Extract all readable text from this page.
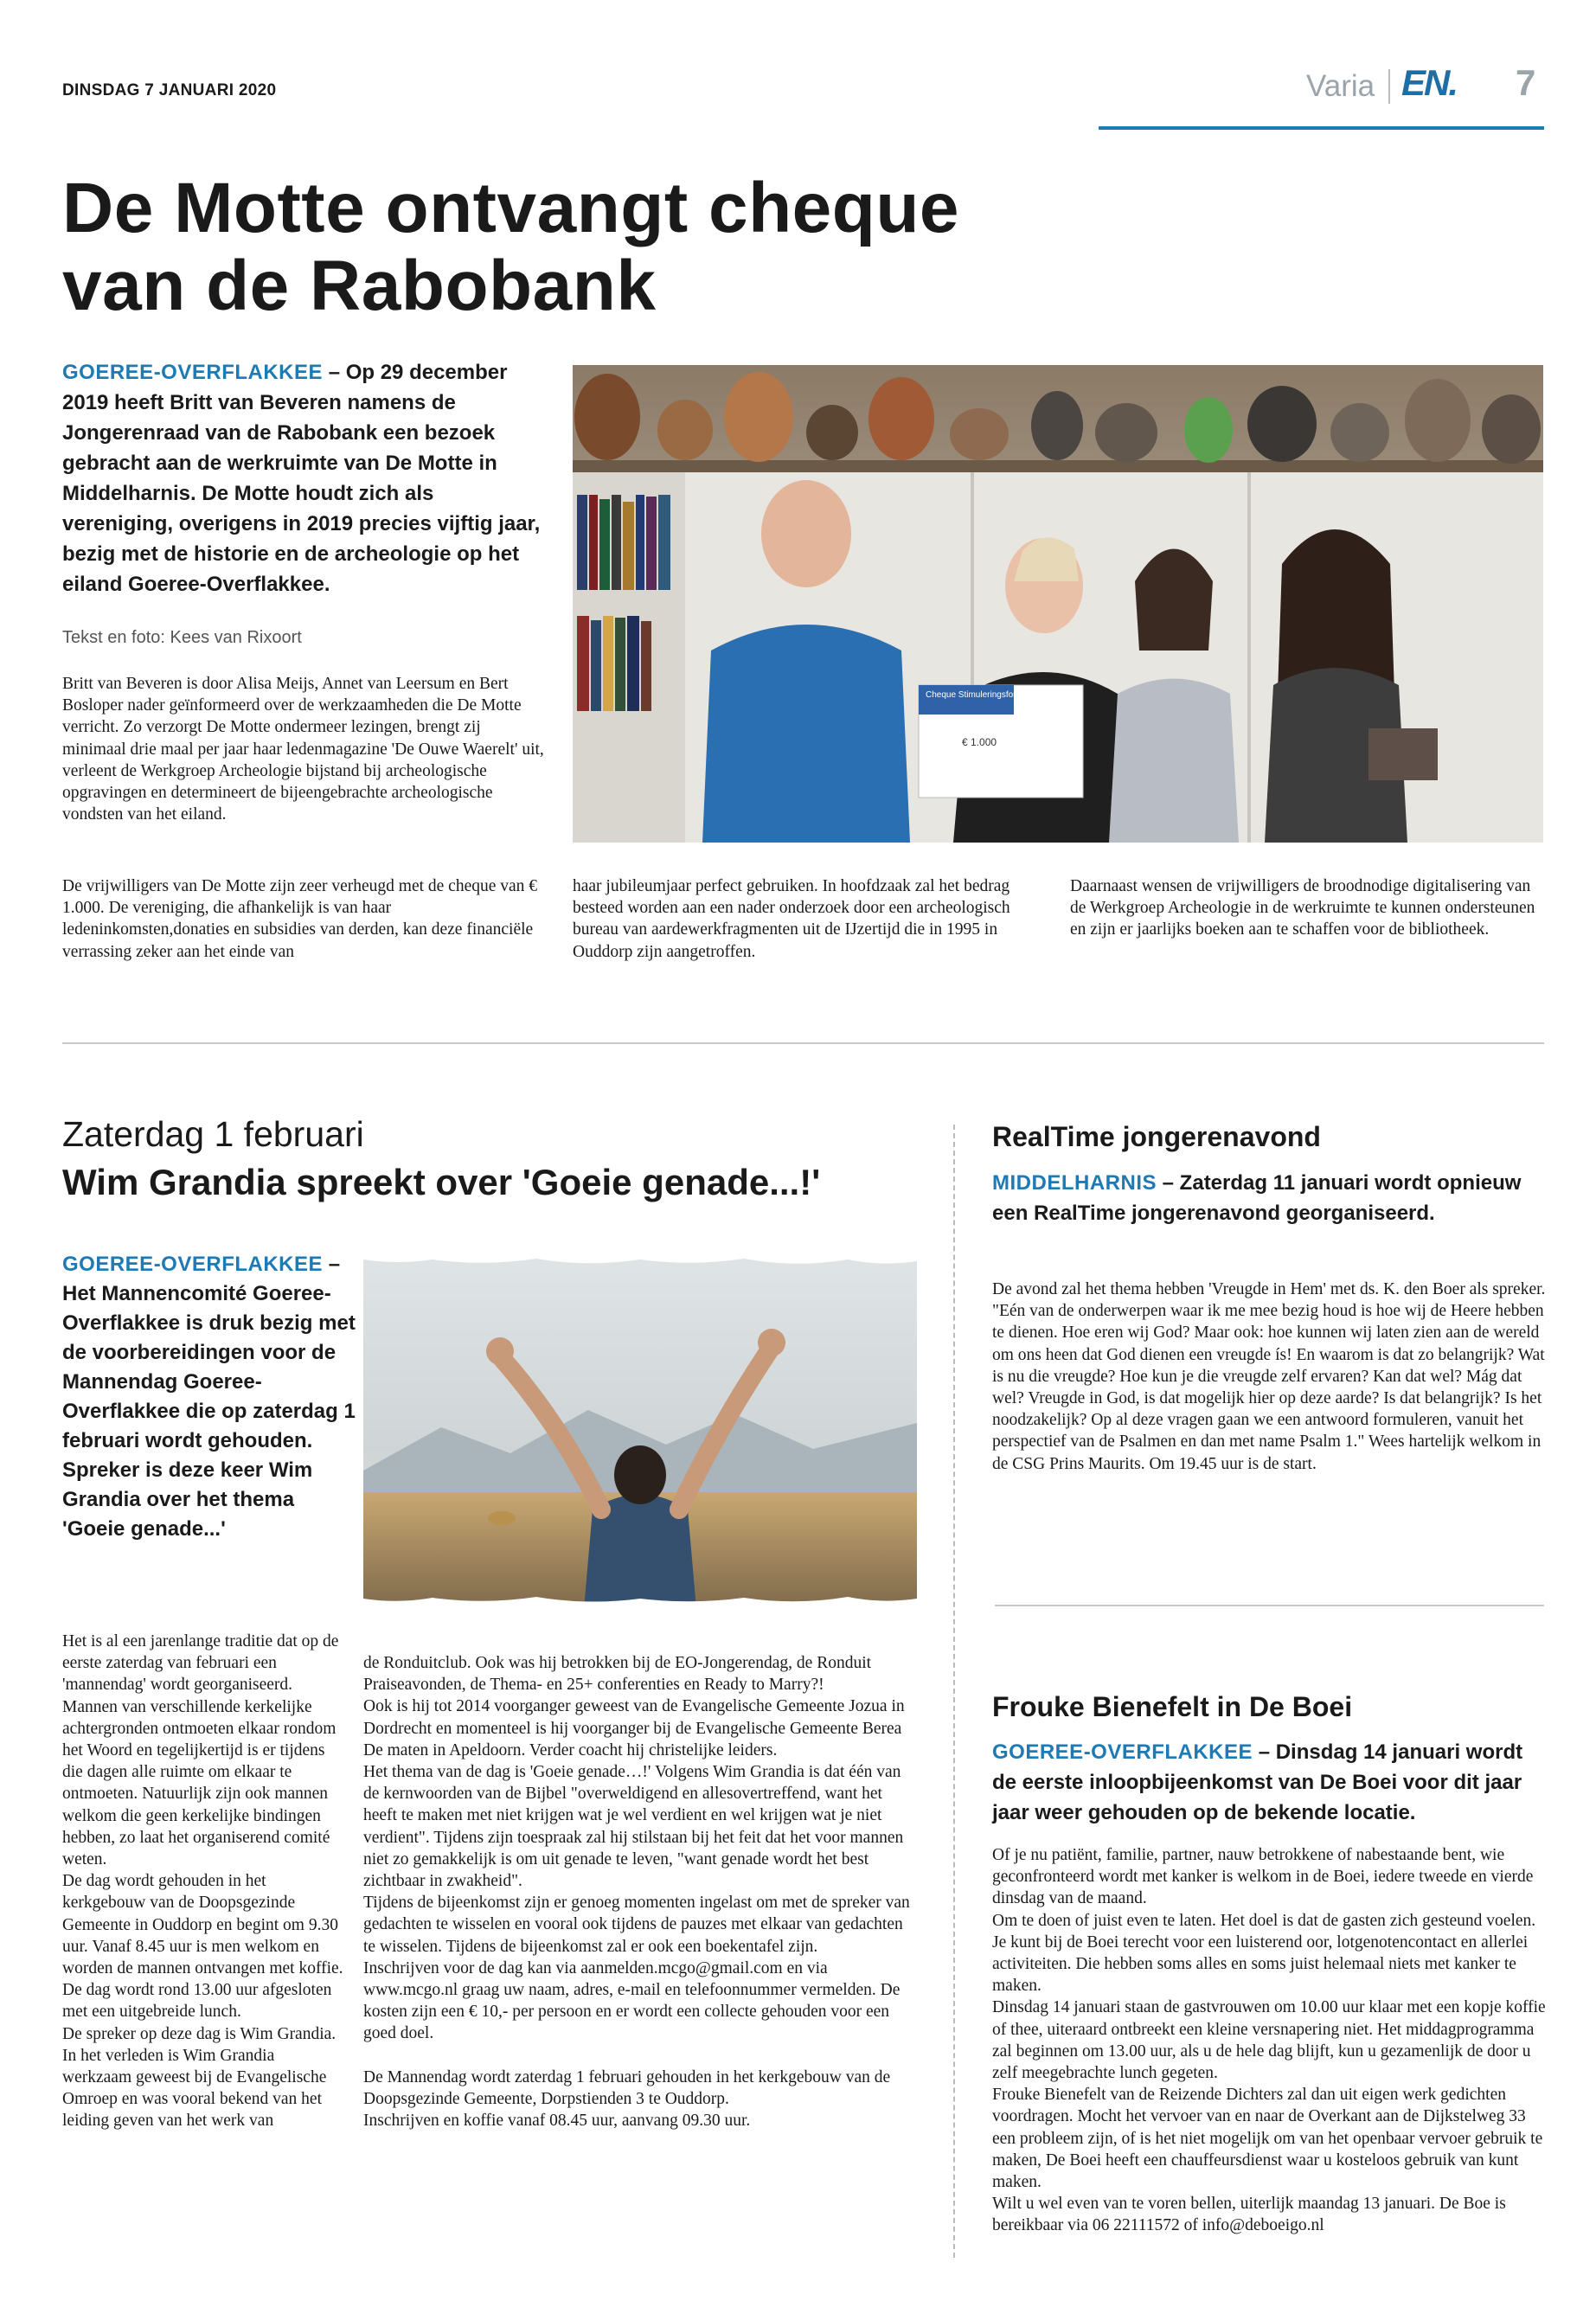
DINSDAG 7 JANUARI 2020	Varia EN. 7
De Motte ontvangt cheque
van de Rabobank
GOEREE-OVERFLAKKEE – Op 29 december 2019 heeft Britt van Beveren namens de Jongerenraad van de Rabobank een bezoek gebracht aan de werkruimte van De Motte in Middelharnis. De Motte houdt zich als vereniging, overigens in 2019 precies vijftig jaar, bezig met de historie en de archeologie op het eiland Goeree-Overflakkee.
Tekst en foto: Kees van Rixoort
Britt van Beveren is door Alisa Meijs, Annet van Leersum en Bert Bosloper nader geïnformeerd over de werkzaamheden die De Motte verricht. Zo verzorgt De Motte ondermeer lezingen, brengt zij minimaal drie maal per jaar haar ledenmagazine 'De Ouwe Waerelt' uit, verleent de Werkgroep Archeologie bijstand bij archeologische opgravingen en determineert de bijeengebrachte archeologische vondsten van het eiland.
De vrijwilligers van De Motte zijn zeer verheugd met de cheque van € 1.000. De vereniging, die afhankelijk is van haar ledeninkomsten,donaties en subsidies van derden, kan deze financiële verrassing zeker aan het einde van
haar jubileumjaar perfect gebruiken. In hoofdzaak zal het bedrag besteed worden aan een nader onderzoek door een archeologisch bureau van aardewerkfragmenten uit de IJzertijd die in 1995 in Ouddorp zijn aangetroffen.
Daarnaast wensen de vrijwilligers de broodnodige digitalisering van de Werkgroep Archeologie in de werkruimte te kunnen ondersteunen en zijn er jaarlijks boeken aan te schaffen voor de bibliotheek.
Cheque Stimuleringsfonds
€ 1.000
Zaterdag 1 februari
Wim Grandia spreekt over 'Goeie genade...!'
GOEREE-OVERFLAKKEE – Het Mannencomité Goeree-Overflakkee is druk bezig met de voorbereidingen voor de Mannendag Goeree-Overflakkee die op zaterdag 1 februari wordt gehouden. Spreker is deze keer Wim Grandia over het thema 'Goeie genade...'

Het is al een jarenlange traditie dat op de eerste zaterdag van februari een 'mannendag' wordt georganiseerd. Mannen van verschillende kerkelijke achtergronden ontmoeten elkaar rondom het Woord en tegelijkertijd is er tijdens die dagen alle ruimte om elkaar te ontmoeten. Natuurlijk zijn ook mannen welkom die geen kerkelijke bindingen hebben, zo laat het organiserend comité weten.

De dag wordt gehouden in het kerkgebouw van de Doopsgezinde Gemeente in Ouddorp en begint om 9.30 uur. Vanaf 8.45 uur is men welkom en worden de mannen ontvangen met koffie. De dag wordt rond 13.00 uur afgesloten met een uitgebreide lunch.

De spreker op deze dag is Wim Grandia. In het verleden is Wim Grandia werkzaam geweest bij de Evangelische Omroep en was vooral bekend van het leiding geven van het werk van

de Ronduitclub. Ook was hij betrokken bij de EO-Jongerendag, de Ronduit Praiseavonden, de Thema- en 25+ conferenties en Ready to Marry?!

Ook is hij tot 2014 voorganger geweest van de Evangelische Gemeente Jozua in Dordrecht en momenteel is hij voorganger bij de Evangelische Gemeente Berea De maten in Apeldoorn. Verder coacht hij christelijke leiders.

Het thema van de dag is 'Goeie genade…!' Volgens Wim Grandia is dat één van de kernwoorden van de Bijbel "overweldigend en allesovertreffend, want het heeft te maken met niet krijgen wat je wel verdient en wel krijgen wat je niet verdient". Tijdens zijn toespraak zal hij stilstaan bij het feit dat het voor mannen niet zo gemakkelijk is om uit genade te leven, "want genade wordt het best zichtbaar in zwakheid".

Tijdens de bijeenkomst zijn er genoeg momenten ingelast om met de spreker van gedachten te wisselen en vooral ook tijdens de pauzes met elkaar van gedachten te wisselen. Tijdens de bijeenkomst zal er ook een boekentafel zijn.

Inschrijven voor de dag kan via aanmelden.mcgo@gmail.com en via www.mcgo.nl graag uw naam, adres, e-mail en telefoonnummer vermelden. De kosten zijn een € 10,- per persoon en er wordt een collecte gehouden voor een goed doel.

De Mannendag wordt zaterdag 1 februari gehouden in het kerkgebouw van de Doopsgezinde Gemeente, Dorpstienden 3 te Ouddorp.

Inschrijven en koffie vanaf 08.45 uur, aanvang 09.30 uur.

RealTime jongerenavond
MIDDELHARNIS – Zaterdag 11 januari wordt opnieuw een RealTime jongerenavond georganiseerd.
De avond zal het thema hebben 'Vreugde in Hem' met ds. K. den Boer als spreker. "Eén van de onderwerpen waar ik me mee bezig houd is hoe wij de Heere hebben te dienen. Hoe eren wij God? Maar ook: hoe kunnen wij laten zien aan de wereld om ons heen dat God dienen een vreugde ís! En waarom is dat zo belangrijk? Wat is nu die vreugde? Hoe kun je die vreugde zelf ervaren? Kan dat wel? Mág dat wel? Vreugde in God, is dat mogelijk hier op deze aarde? Is dat belangrijk? Is het noodzakelijk? Op al deze vragen gaan we een antwoord formuleren, vanuit het perspectief van de Psalmen en dan met name Psalm 1." Wees hartelijk welkom in de CSG Prins Maurits. Om 19.45 uur is de start.
Frouke Bienefelt in De Boei
GOEREE-OVERFLAKKEE – Dinsdag 14 januari wordt de eerste inloopbijeenkomst van De Boei voor dit jaar jaar weer gehouden op de bekende locatie.

Of je nu patiënt, familie, partner, nauw betrokkene of nabestaande bent, wie geconfronteerd wordt met kanker is welkom in de Boei, iedere tweede en vierde dinsdag van de maand.

Om te doen of juist even te laten. Het doel is dat de gasten zich gesteund voelen. Je kunt bij de Boei terecht voor een luisterend oor, lotgenotencontact en allerlei activiteiten. Die hebben soms alles en soms juist helemaal niets met kanker te maken.

Dinsdag 14 januari staan de gastvrouwen om 10.00 uur klaar met een kopje koffie of thee, uiteraard ontbreekt een kleine versnapering niet. Het middagprogramma zal beginnen om 13.00 uur, als u de hele dag blijft, kun u gezamenlijk de door u zelf meegebrachte lunch gegeten.

Frouke Bienefelt van de Reizende Dichters zal dan uit eigen werk gedichten voordragen. Mocht het vervoer van en naar de Overkant aan de Dijkstelweg 33 een probleem zijn, of is het niet mogelijk om van het openbaar vervoer gebruik te maken, De Boei heeft een chauffeursdienst waar u kosteloos gebruik van kunt maken.

Wilt u wel even van te voren bellen, uiterlijk maandag 13 januari. De Boe is bereikbaar via 06 22111572 of info@deboeigo.nl
